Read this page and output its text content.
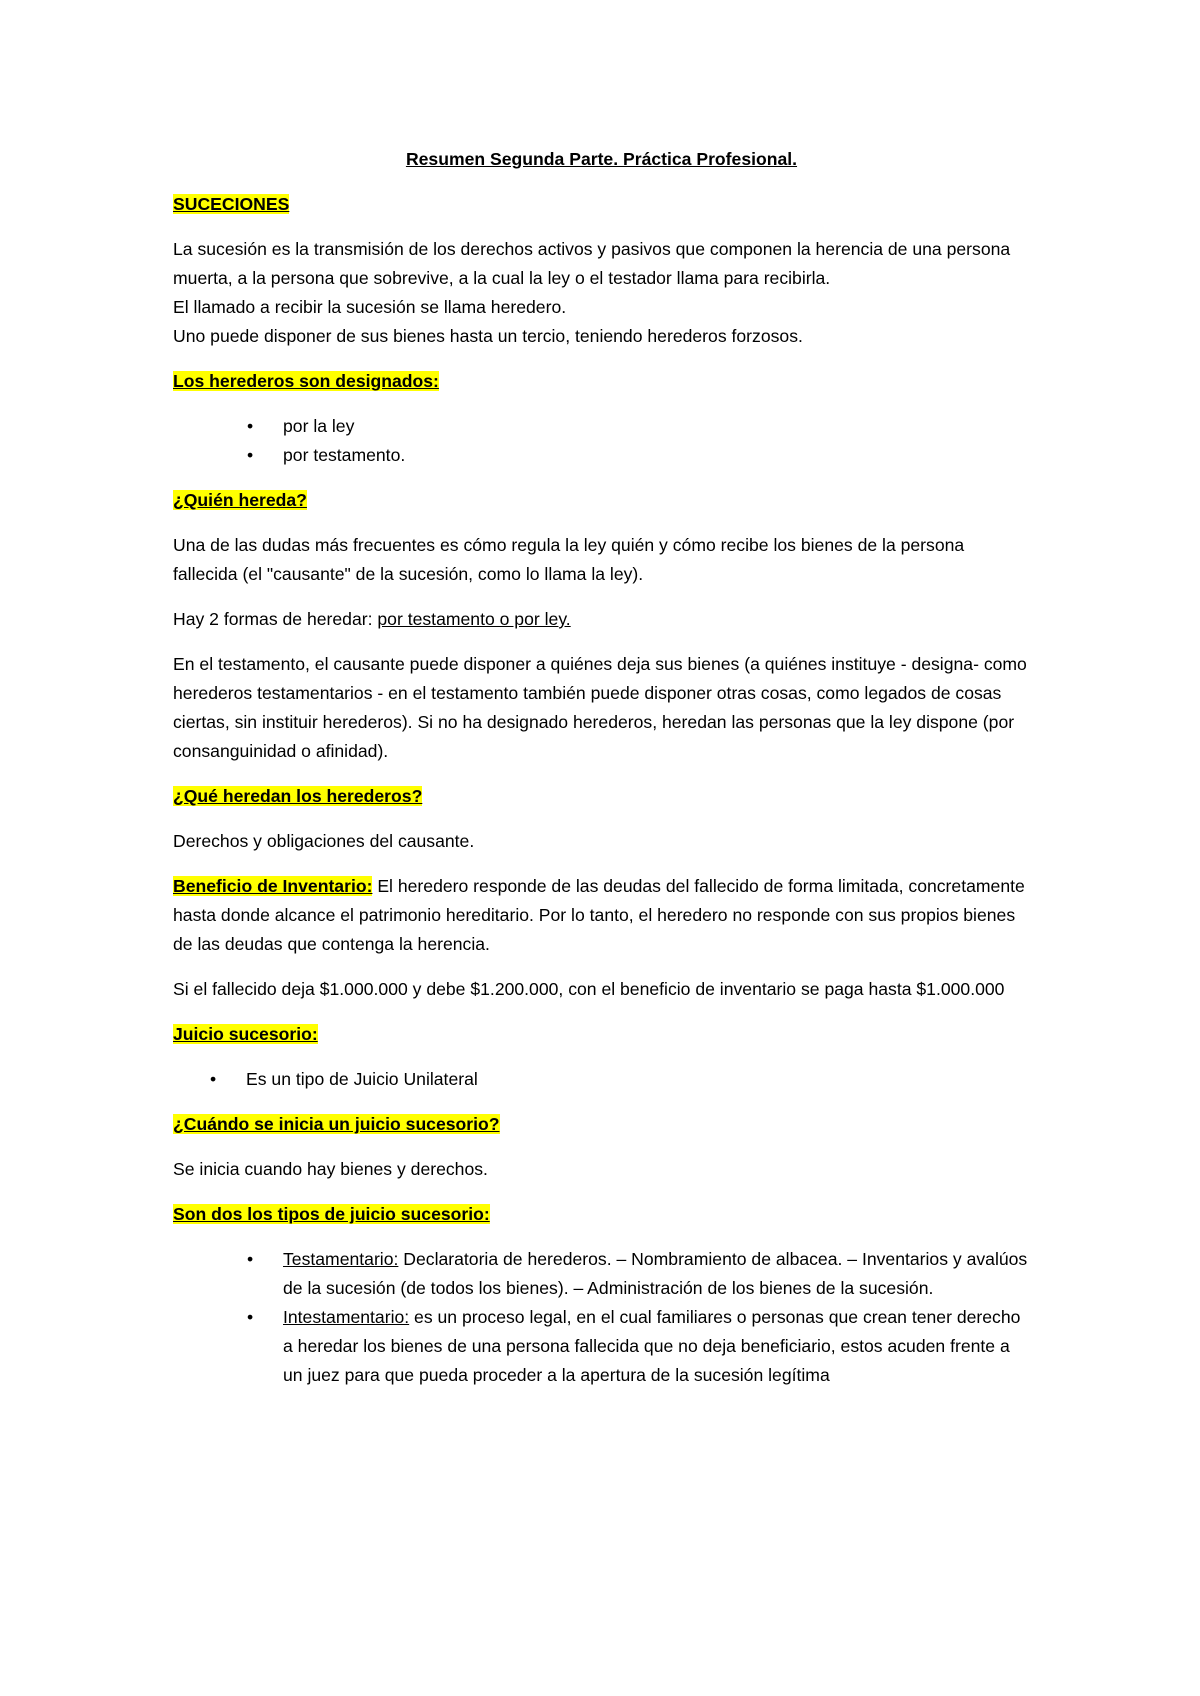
Resumen Segunda Parte. Práctica Profesional.
SUCECIONES

La sucesión es la transmisión de los derechos activos y pasivos que componen la herencia de una persona muerta, a la persona que sobrevive, a la cual la ley o el testador llama para recibirla.

El llamado a recibir la sucesión se llama heredero.

Uno puede disponer de sus bienes hasta un tercio, teniendo herederos forzosos.

Los herederos son designados:
• por la ley
• por testamento.
¿Quién hereda?

Una de las dudas más frecuentes es cómo regula la ley quién y cómo recibe los bienes de la persona fallecida (el "causante" de la sucesión, como lo llama la ley).

Hay 2 formas de heredar: por testamento o por ley.

En el testamento, el causante puede disponer a quiénes deja sus bienes (a quiénes instituye - designa- como herederos testamentarios - en el testamento también puede disponer otras cosas, como legados de cosas ciertas, sin instituir herederos). Si no ha designado herederos, heredan las personas que la ley dispone (por consanguinidad o afinidad).

¿Qué heredan los herederos?

Derechos y obligaciones del causante.

Beneficio de Inventario: El heredero responde de las deudas del fallecido de forma limitada, concretamente hasta donde alcance el patrimonio hereditario. Por lo tanto, el heredero no responde con sus propios bienes de las deudas que contenga la herencia.

Si el fallecido deja $1.000.000 y debe $1.200.000, con el beneficio de inventario se paga hasta $1.000.000

Juicio sucesorio:
• Es un tipo de Juicio Unilateral
¿Cuándo se inicia un juicio sucesorio?

Se inicia cuando hay bienes y derechos.

Son dos los tipos de juicio sucesorio:
• Testamentario: Declaratoria de herederos. – Nombramiento de albacea. – Inventarios y avalúos de la sucesión (de todos los bienes). – Administración de los bienes de la sucesión.
• Intestamentario: es un proceso legal, en el cual familiares o personas que crean tener derecho a heredar los bienes de una persona fallecida que no deja beneficiario, estos acuden frente a un juez para que pueda proceder a la apertura de la sucesión legítima
